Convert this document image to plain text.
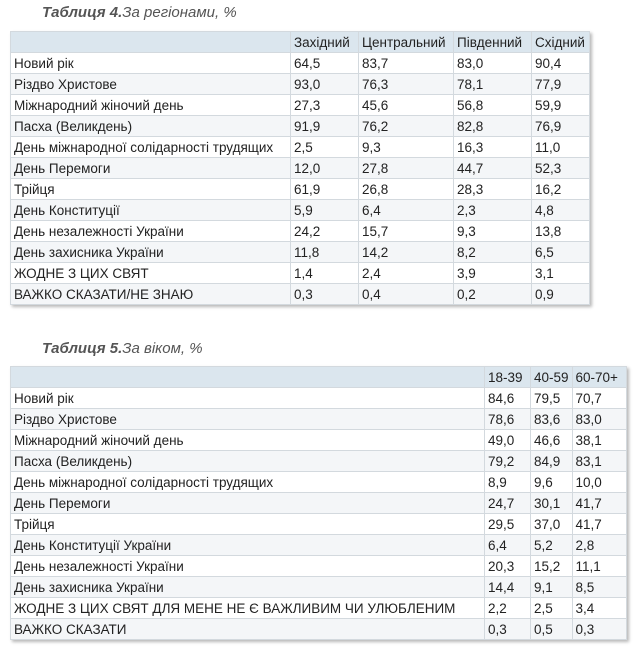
Таблиця 4.За регіонами, %
	Західний	Центральний	Південний	Східний
Новий рік	64,5	83,7	83,0	90,4
Різдво Христове	93,0	76,3	78,1	77,9
Міжнародний жіночий день	27,3	45,6	56,8	59,9
Пасха (Великдень)	91,9	76,2	82,8	76,9
День міжнародної солідарності трудящих	2,5	9,3	16,3	11,0
День Перемоги	12,0	27,8	44,7	52,3
Трійця	61,9	26,8	28,3	16,2
День Конституції	5,9	6,4	2,3	4,8
День незалежності України	24,2	15,7	9,3	13,8
День захисника України	11,8	14,2	8,2	6,5
ЖОДНЕ З ЦИХ СВЯТ	1,4	2,4	3,9	3,1
ВАЖКО СКАЗАТИ/НЕ ЗНАЮ	0,3	0,4	0,2	0,9
Таблиця 5.За віком, %
	18-39	40-59	60-70+
Новий рік	84,6	79,5	70,7
Різдво Христове	78,6	83,6	83,0
Міжнародний жіночий день	49,0	46,6	38,1
Пасха (Великдень)	79,2	84,9	83,1
День міжнародної солідарності трудящих	8,9	9,6	10,0
День Перемоги	24,7	30,1	41,7
Трійця	29,5	37,0	41,7
День Конституції України	6,4	5,2	2,8
День незалежності України	20,3	15,2	11,1
День захисника України	14,4	9,1	8,5
ЖОДНЕ З ЦИХ СВЯТ ДЛЯ МЕНЕ НЕ Є ВАЖЛИВИМ ЧИ УЛЮБЛЕНИМ	2,2	2,5	3,4
ВАЖКО СКАЗАТИ	0,3	0,5	0,3
